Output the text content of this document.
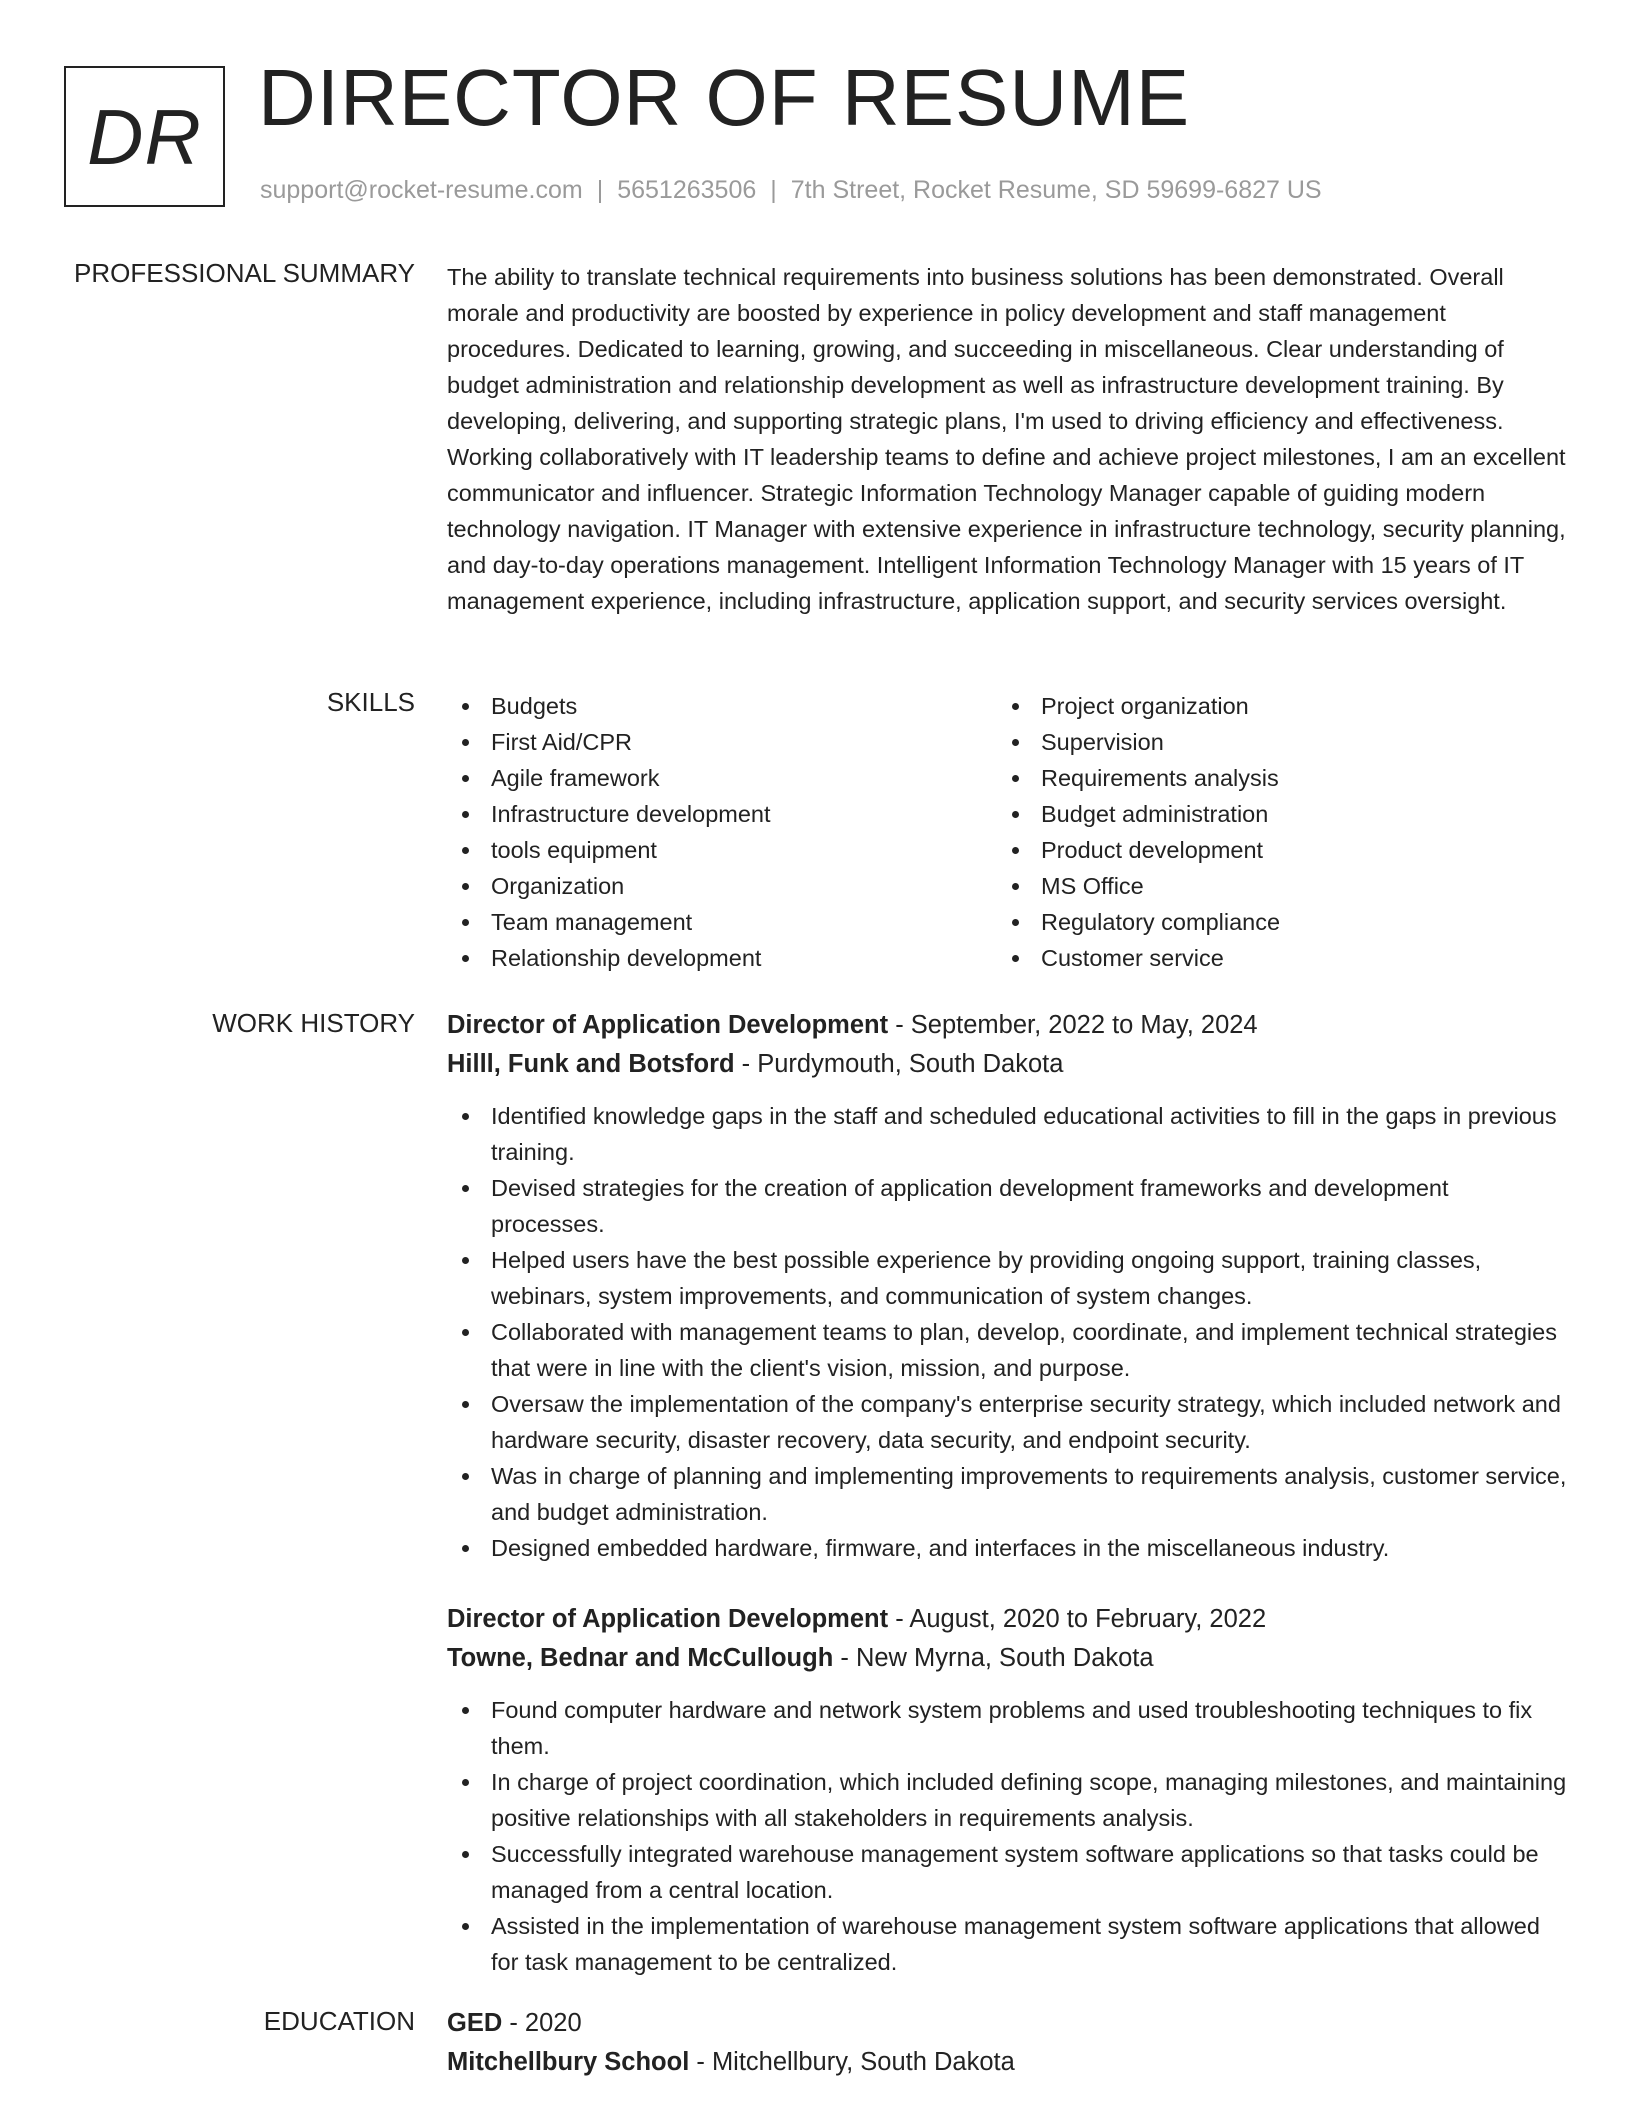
DR DIRECTOR OF RESUME
support@rocket-resume.com | 5651263506 | 7th Street, Rocket Resume, SD 59699-6827 US
PROFESSIONAL SUMMARY The ability to translate technical requirements into business solutions has been demonstrated. Overall morale and productivity are boosted by experience in policy development and staff management procedures. Dedicated to learning, growing, and succeeding in miscellaneous. Clear understanding of budget administration and relationship development as well as infrastructure development training. By developing, delivering, and supporting strategic plans, I'm used to driving efficiency and effectiveness. Working collaboratively with IT leadership teams to define and achieve project milestones, I am an excellent communicator and influencer. Strategic Information Technology Manager capable of guiding modern technology navigation. IT Manager with extensive experience in infrastructure technology, security planning, and day-to-day operations management. Intelligent Information Technology Manager with 15 years of IT management experience, including infrastructure, application support, and security services oversight.

SKILLS	Budgets
First Aid/CPR
Agile framework
Infrastructure development
tools equipment
Organization
Team management
Relationship development
Project organization
Supervision
Requirements analysis
Budget administration
Product development
MS Office
Regulatory compliance
Customer service
WORK HISTORY Director of Application Development - September, 2022 to May, 2024
Hilll, Funk and Botsford - Purdymouth, South Dakota
Identified knowledge gaps in the staff and scheduled educational activities to fill in the gaps in previous training.
Devised strategies for the creation of application development frameworks and development processes.
Helped users have the best possible experience by providing ongoing support, training classes, webinars, system improvements, and communication of system changes.
Collaborated with management teams to plan, develop, coordinate, and implement technical strategies that were in line with the client's vision, mission, and purpose.
Oversaw the implementation of the company's enterprise security strategy, which included network and hardware security, disaster recovery, data security, and endpoint security.
Was in charge of planning and implementing improvements to requirements analysis, customer service, and budget administration.
Designed embedded hardware, firmware, and interfaces in the miscellaneous industry.
Director of Application Development - August, 2020 to February, 2022
Towne, Bednar and McCullough - New Myrna, South Dakota
Found computer hardware and network system problems and used troubleshooting techniques to fix them.
In charge of project coordination, which included defining scope, managing milestones, and maintaining positive relationships with all stakeholders in requirements analysis.
Successfully integrated warehouse management system software applications so that tasks could be managed from a central location.
Assisted in the implementation of warehouse management system software applications that allowed for task management to be centralized.
EDUCATION GED - 2020
Mitchellbury School - Mitchellbury, South Dakota
